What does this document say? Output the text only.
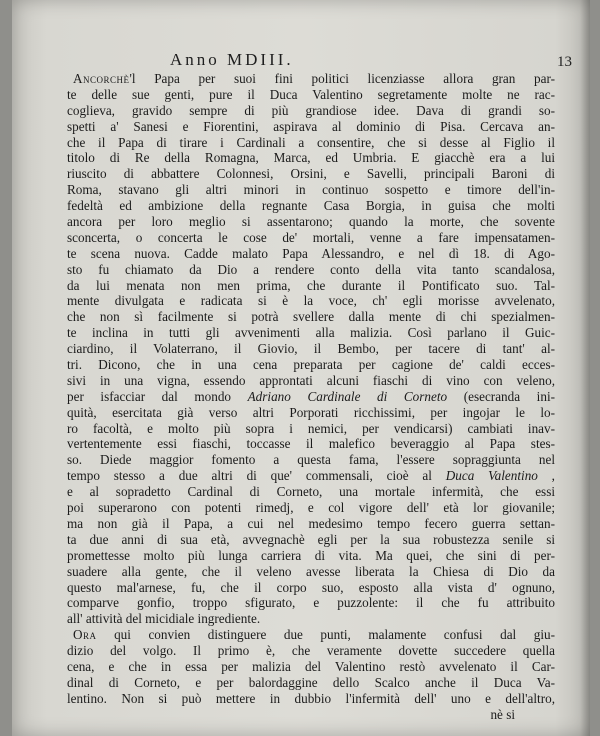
Anno MDIII.	13
Ancorchè'l Papa per suoi fini politici licenziasse allora gran par-
te delle sue genti, pure il Duca Valentino segretamente molte ne rac-
coglieva, gravido sempre di più grandiose idee. Dava di grandi so-
spetti a' Sanesi e Fiorentini, aspirava al dominio di Pisa. Cercava an-
che il Papa di tirare i Cardinali a consentire, che si desse al Figlio il
titolo di Re della Romagna, Marca, ed Umbria. E giacchè era a lui
riuscito di abbattere Colonnesi, Orsini, e Savelli, principali Baroni di
Roma, stavano gli altri minori in continuo sospetto e timore dell'in-
fedeltà ed ambizione della regnante Casa Borgia, in guisa che molti
ancora per loro meglio si assentarono; quando la morte, che sovente
sconcerta, o concerta le cose de' mortali, venne a fare impensatamen-
te scena nuova. Cadde malato Papa Alessandro, e nel dì 18. di Ago-
sto fu chiamato da Dio a rendere conto della vita tanto scandalosa,
da lui menata non men prima, che durante il Pontificato suo. Tal-
mente divulgata e radicata si è la voce, ch' egli morisse avvelenato,
che non sì facilmente si potrà svellere dalla mente di chi spezialmen-
te inclina in tutti gli avvenimenti alla malizia. Così parlano il Guic-
ciardino, il Volaterrano, il Giovio, il Bembo, per tacere di tant' al-
tri. Dicono, che in una cena preparata per cagione de' caldi ecces-
sivi in una vigna, essendo approntati alcuni fiaschi di vino con veleno,
per isfacciar dal mondo Adriano Cardinale di Corneto (esecranda ini-
quità, esercitata già verso altri Porporati ricchissimi, per ingojar le lo-
ro facoltà, e molto più sopra i nemici, per vendicarsi) cambiati inav-
vertentemente essi fiaschi, toccasse il malefico beveraggio al Papa stes-
so. Diede maggior fomento a questa fama, l'essere sopraggiunta nel
tempo stesso a due altri di que' commensali, cioè al Duca Valentino ,
e al sopradetto Cardinal di Corneto, una mortale infermità, che essi
poi superarono con potenti rimedj, e col vigore dell' età lor giovanile;
ma non già il Papa, a cui nel medesimo tempo fecero guerra settan-
ta due anni di sua età, avvegnachè egli per la sua robustezza senile si
promettesse molto più lunga carriera di vita. Ma quei, che sini di per-
suadere alla gente, che il veleno avesse liberata la Chiesa di Dio da
questo mal'arnese, fu, che il corpo suo, esposto alla vista d' ognuno,
comparve gonfio, troppo sfigurato, e puzzolente: il che fu attribuito
all' attività del micidiale ingrediente.
Ora qui convien distinguere due punti, malamente confusi dal giu-
dizio del volgo. Il primo è, che veramente dovette succedere quella
cena, e che in essa per malizia del Valentino restò avvelenato il Car-
dinal di Corneto, e per balordaggine dello Scalco anche il Duca Va-
lentino. Non si può mettere in dubbio l'infermità dell' uno e dell'altro,
nè si
